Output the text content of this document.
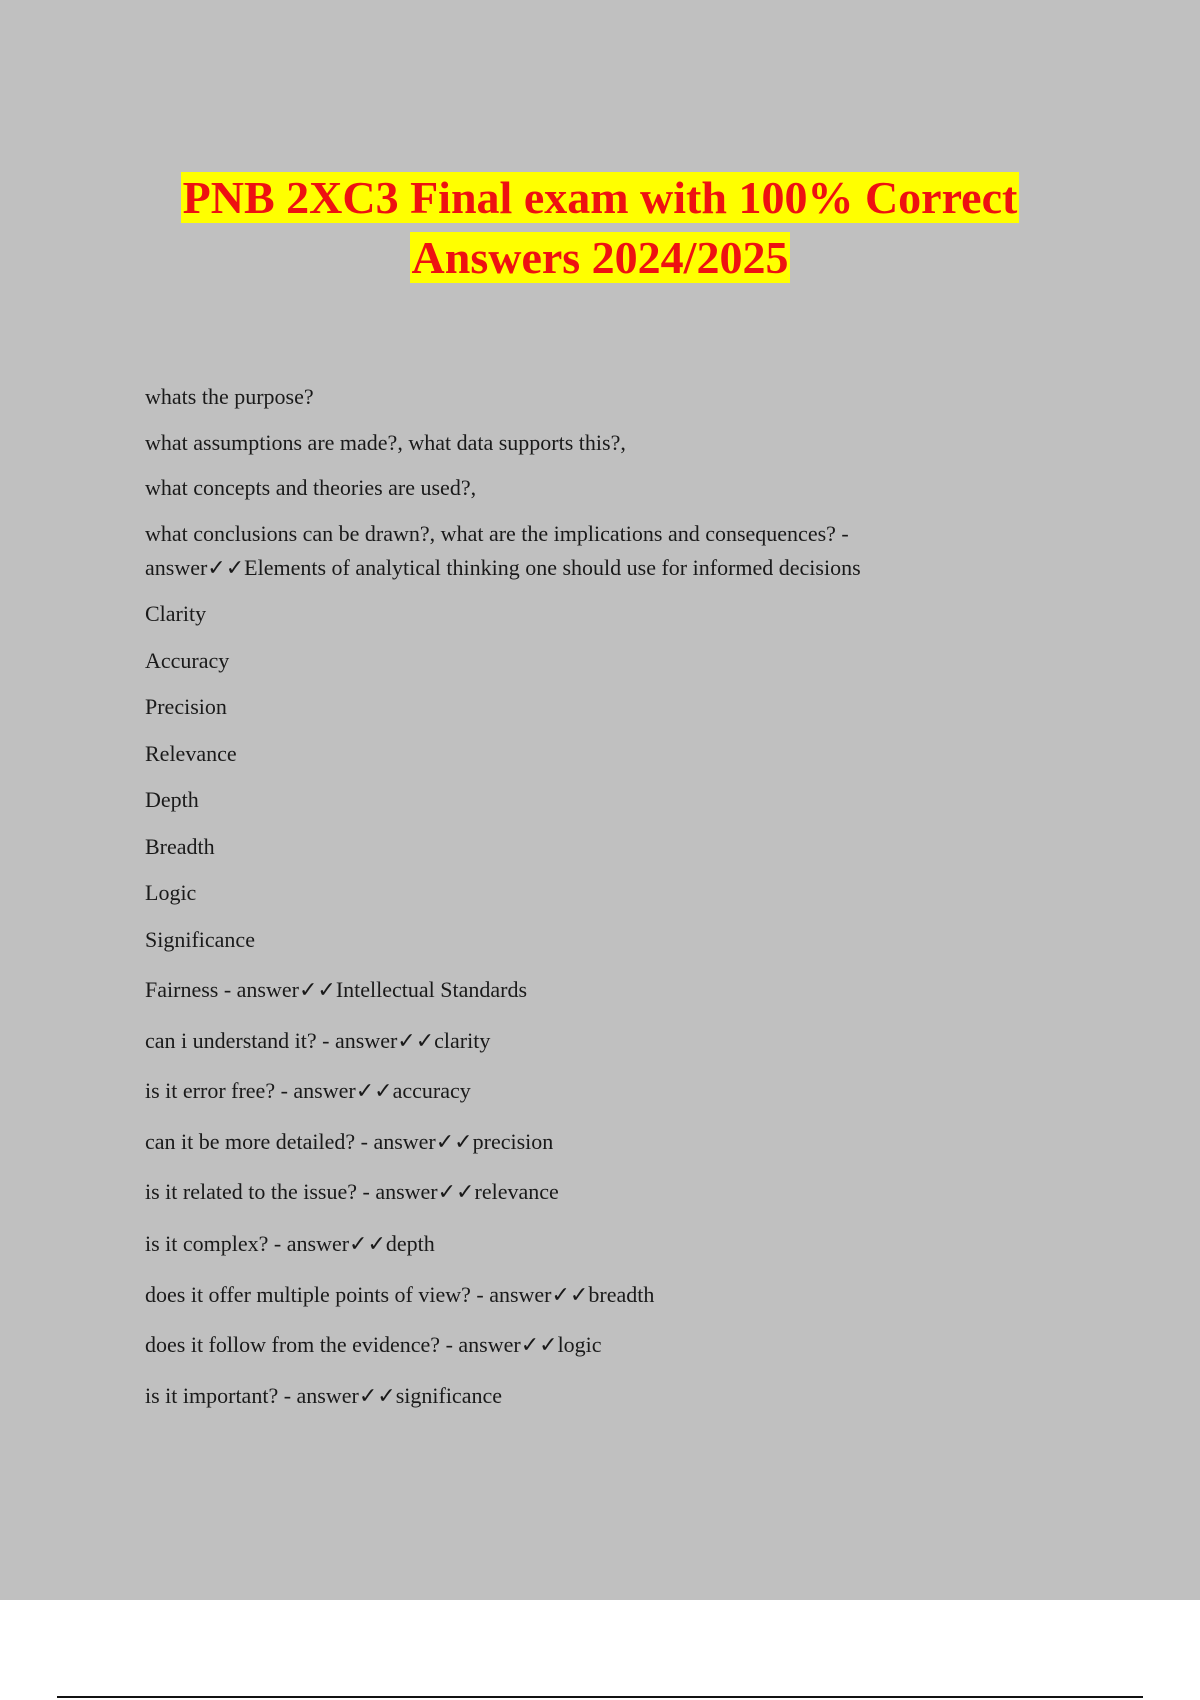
PNB 2XC3 Final exam with 100% Correct
Answers 2024/2025
whats the purpose?
what assumptions are made?, what data supports this?,
what concepts and theories are used?,
what conclusions can be drawn?, what are the implications and consequences? -
answer✓✓Elements of analytical thinking one should use for informed decisions
Clarity
Accuracy
Precision
Relevance
Depth
Breadth
Logic
Significance
Fairness - answer✓✓Intellectual Standards
can i understand it? - answer✓✓clarity
is it error free? - answer✓✓accuracy
can it be more detailed? - answer✓✓precision
is it related to the issue? - answer✓✓relevance
is it complex? - answer✓✓depth
does it offer multiple points of view? - answer✓✓breadth
does it follow from the evidence? - answer✓✓logic
is it important? - answer✓✓significance
